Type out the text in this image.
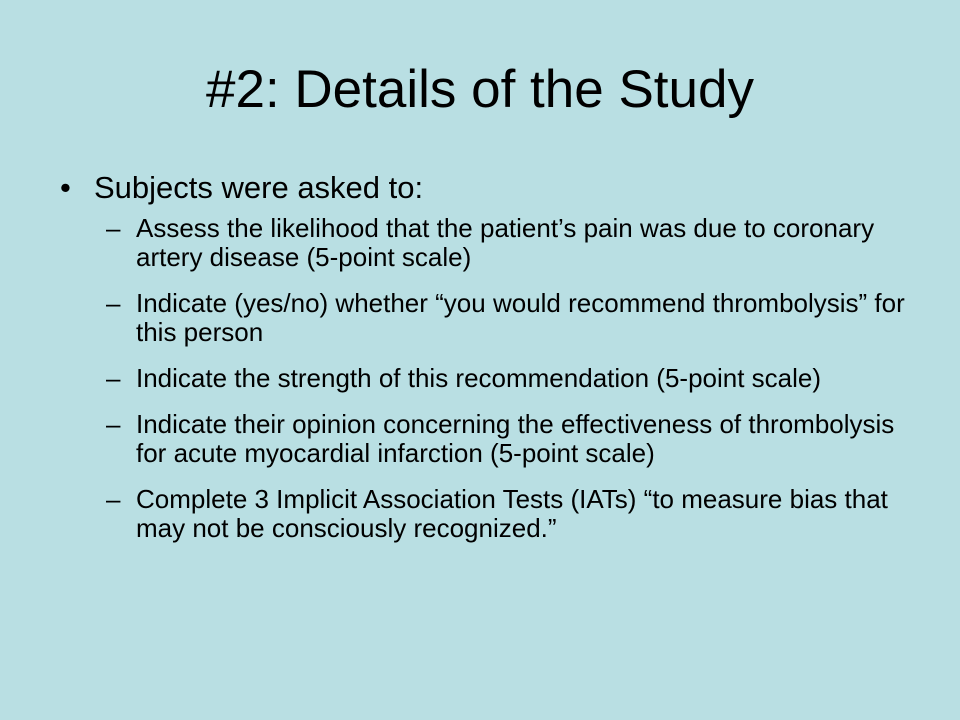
#2: Details of the Study
• Subjects were asked to:
– Assess the likelihood that the patient’s pain was due to coronary artery disease (5-point scale)
– Indicate (yes/no) whether “you would recommend thrombolysis” for this person
– Indicate the strength of this recommendation (5-point scale)
– Indicate their opinion concerning the effectiveness of thrombolysis for acute myocardial infarction (5-point scale)
– Complete 3 Implicit Association Tests (IATs) “to measure bias that may not be consciously recognized.”
